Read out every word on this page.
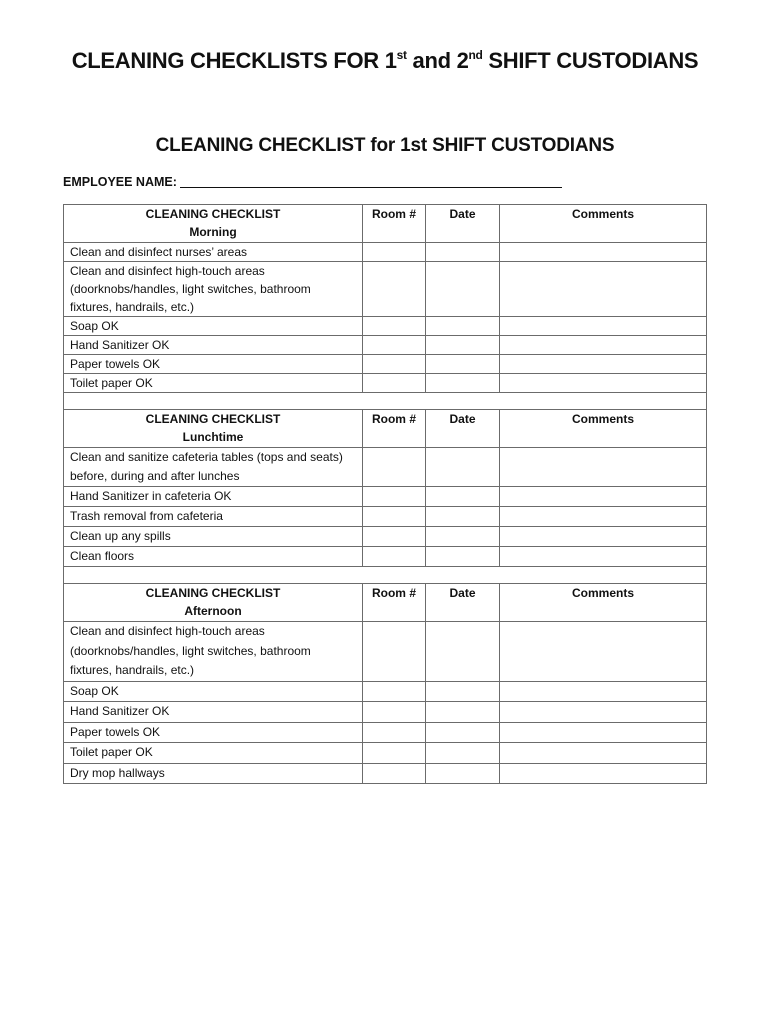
CLEANING CHECKLISTS FOR 1st and 2nd SHIFT CUSTODIANS
CLEANING CHECKLIST for 1st SHIFT CUSTODIANS
EMPLOYEE NAME:
CLEANING CHECKLIST
Morning	Room #	Date	Comments
Clean and disinfect nurses’ areas			
Clean and disinfect high-touch areas (doorknobs/handles, light switches, bathroom fixtures, handrails, etc.)			
Soap OK			
Hand Sanitizer OK			
Paper towels OK			
Toilet paper OK			

CLEANING CHECKLIST
Lunchtime	Room #	Date	Comments
Clean and sanitize cafeteria tables (tops and seats) before, during and after lunches			
Hand Sanitizer in cafeteria OK			
Trash removal from cafeteria			
Clean up any spills			
Clean floors			

CLEANING CHECKLIST
Afternoon	Room #	Date	Comments
Clean and disinfect high-touch areas (doorknobs/handles, light switches, bathroom fixtures, handrails, etc.)			
Soap OK			
Hand Sanitizer OK			
Paper towels OK			
Toilet paper OK			
Dry mop hallways			
